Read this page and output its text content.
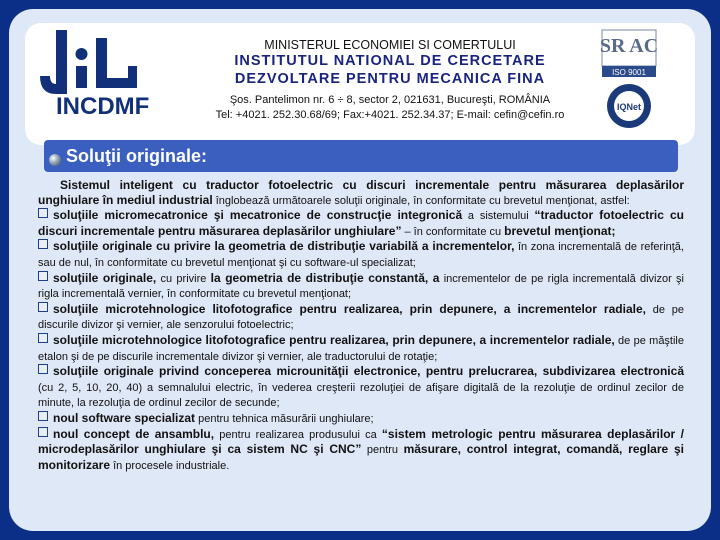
INCDMF
MINISTERUL ECONOMIEI SI COMERTULUI
INSTITUTUL NATIONAL DE CERCETARE
DEZVOLTARE PENTRU MECANICA FINA
Şos. Pantelimon nr. 6 ÷ 8, sector 2, 021631, Bucureşti, ROMÂNIA
Tel: +4021. 252.30.68/69; Fax:+4021. 252.34.37; E-mail: cefin@cefin.ro
SR AC
ISO 9001
IQNet
Soluţii originale:

Sistemul inteligent cu traductor fotoelectric cu discuri incrementale pentru măsurarea deplasărilor unghiulare în mediul industrial înglobează următoarele soluţii originale, în conformitate cu brevetul menţionat, astfel:

soluţiile micromecatronice şi mecatronice de construcţie integronică a sistemului “traductor fotoelectric cu discuri incrementale pentru măsurarea deplasărilor unghiulare” – în conformitate cu brevetul menţionat;

soluţiile originale cu privire la geometria de distribuţie variabilă a incrementelor, în zona incrementală de referinţă, sau de nul, în conformitate cu brevetul menţionat şi cu software-ul specializat;

soluţiile originale, cu privire la geometria de distribuţie constantă, a incrementelor de pe rigla incrementală divizor şi rigla incrementală vernier, în conformitate cu brevetul menţionat;

soluţiile microtehnologice litofotografice pentru realizarea, prin depunere, a incrementelor radiale, de pe discurile divizor şi vernier, ale senzorului fotoelectric;

soluţiile microtehnologice litofotografice pentru realizarea, prin depunere, a incrementelor radiale, de pe măştile etalon şi de pe discurile incrementale divizor şi vernier, ale traductorului de rotaţie;

soluţiile originale privind conceperea microunităţii electronice, pentru prelucrarea, subdivizarea electronică (cu 2, 5, 10, 20, 40) a semnalului electric, în vederea creşterii rezoluţiei de afişare digitală de la rezoluţie de ordinul zecilor de minute, la rezoluţia de ordinul zecilor de secunde;

noul software specializat pentru tehnica măsurării unghiulare;

noul concept de ansamblu, pentru realizarea produsului ca “sistem metrologic pentru măsurarea deplasărilor / microdeplasărilor unghiulare şi ca sistem NC şi CNC” pentru măsurare, control integrat, comandă, reglare şi monitorizare în procesele industriale.
